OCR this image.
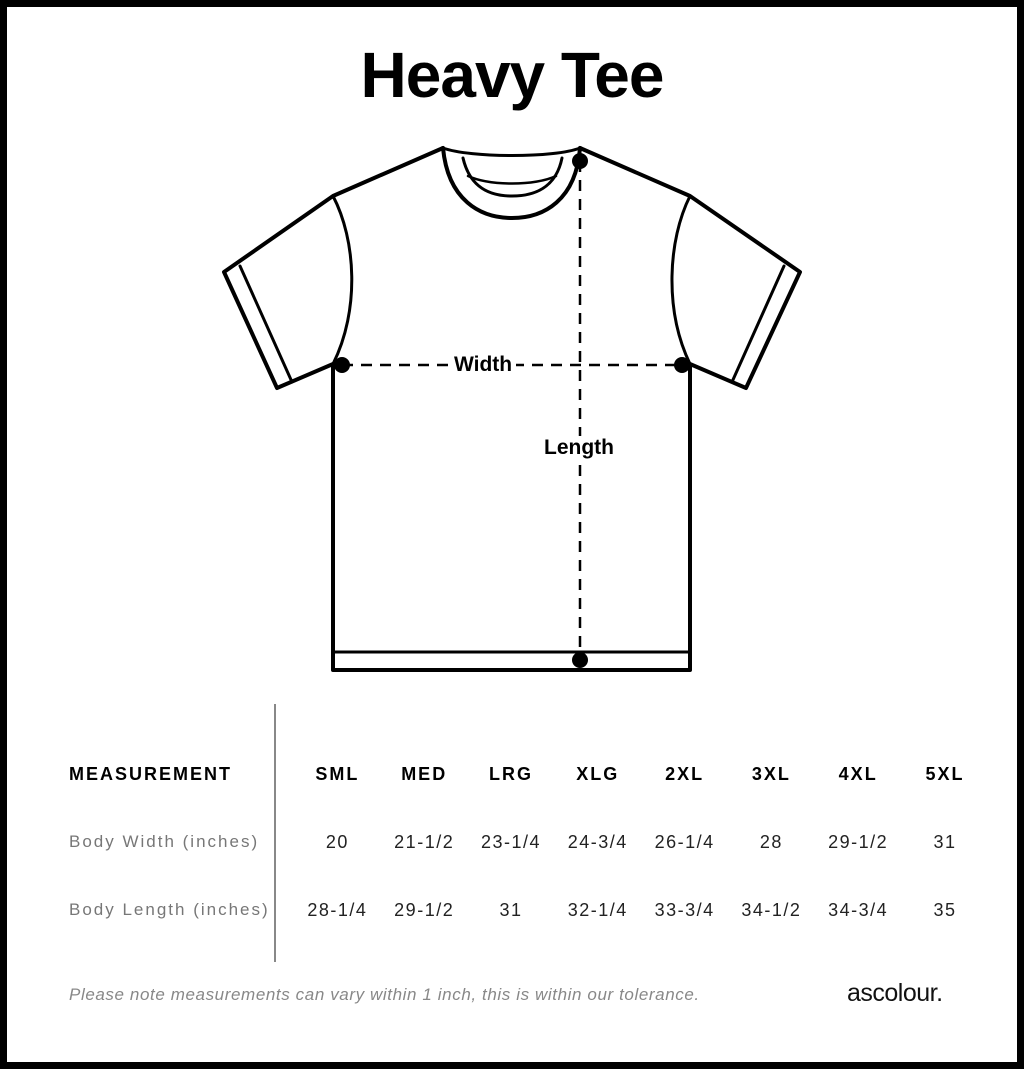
Heavy Tee
Width
Length
MEASUREMENT	SML	MED	LRG	XLG	2XL	3XL	4XL	5XL
Body Width (inches)	20	21-1/2	23-1/4	24-3/4	26-1/4	28	29-1/2	31
Body Length (inches)	28-1/4	29-1/2	31	32-1/4	33-3/4	34-1/2	34-3/4	35
Please note measurements can vary within 1 inch, this is within our tolerance.	ascolour.
